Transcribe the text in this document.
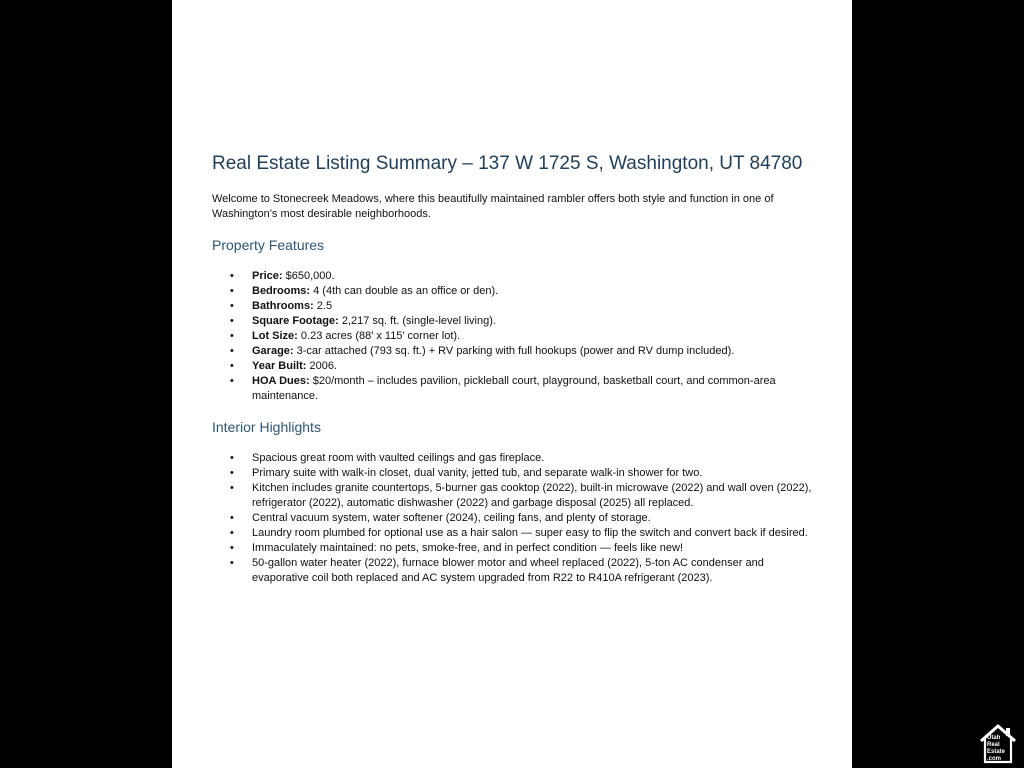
Real Estate Listing Summary – 137 W 1725 S, Washington, UT 84780

Welcome to Stonecreek Meadows, where this beautifully maintained rambler offers both style and function in one of Washington’s most desirable neighborhoods.

Property Features
• Price: $650,000.
• Bedrooms: 4 (4th can double as an office or den).
• Bathrooms: 2.5
• Square Footage: 2,217 sq. ft. (single-level living).
• Lot Size: 0.23 acres (88′ x 115′ corner lot).
• Garage: 3-car attached (793 sq. ft.) + RV parking with full hookups (power and RV dump included).
• Year Built: 2006.
• HOA Dues: $20/month – includes pavilion, pickleball court, playground, basketball court, and common-area maintenance.
Interior Highlights
• Spacious great room with vaulted ceilings and gas fireplace.
• Primary suite with walk-in closet, dual vanity, jetted tub, and separate walk-in shower for two.
• Kitchen includes granite countertops, 5-burner gas cooktop (2022), built-in microwave (2022) and wall oven (2022), refrigerator (2022), automatic dishwasher (2022) and garbage disposal (2025) all replaced.
• Central vacuum system, water softener (2024), ceiling fans, and plenty of storage.
• Laundry room plumbed for optional use as a hair salon — super easy to flip the switch and convert back if desired.
• Immaculately maintained: no pets, smoke-free, and in perfect condition — feels like new!
• 50-gallon water heater (2022), furnace blower motor and wheel replaced (2022), 5-ton AC condenser and evaporative coil both replaced and AC system upgraded from R22 to R410A refrigerant (2023).
Utah
Real
Estate
.com
